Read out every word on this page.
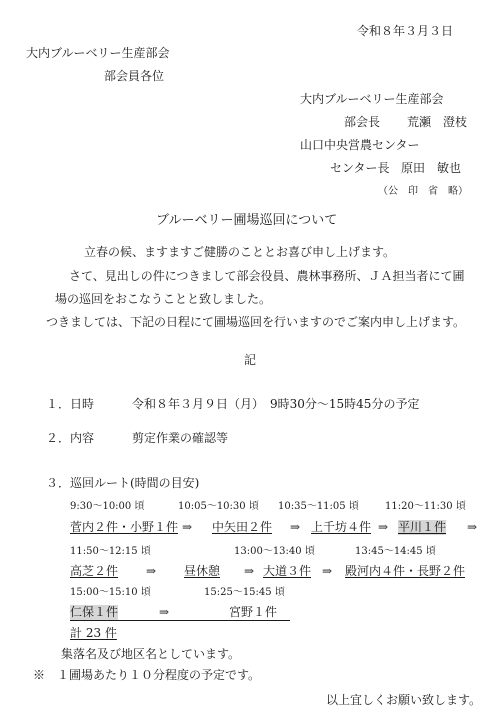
令和８年３月３日
大内ブルーベリー生産部会
部会員各位
大内ブルーベリー生産部会
部会長 荒瀬　澄枝
山口中央営農センター
センター長 原田　敏也
（公　印　省　略）
ブルーベリー圃場巡回について
立春の候、ますますご健勝のこととお喜び申し上げます。
さて、見出しの件につきまして部会役員、農林事務所、ＪＡ担当者にて圃
場の巡回をおこなうことと致しました。
つきましては、下記の日程にて圃場巡回を行いますのでご案内申し上げます。
記
１．日時	令和８年３月９日（月）　9時30分～15時45分の予定
２．内容	剪定作業の確認等
３．巡回ルート(時間の目安)
9:30～10:00 頃	10:05～10:30 頃 10:35～11:05 頃	11:20～11:30 頃
菅内２件・小野１件 ⇒ 中矢田２件 ⇒ 上千坊４件 ⇒ 平川１件 ⇒
11:50～12:15 頃	13:00～13:40 頃	13:45～14:45 頃
高芝２件 ⇒ 昼休憩 ⇒ 大道３件 ⇒ 殿河内４件・長野２件
15:00～15:10 頃	15:25～15:45 頃
仁保１件	⇒	宮野１件
計 23 件
集落名及び地区名としています。
※　１圃場あたり１０分程度の予定です。
以上宜しくお願い致します。
